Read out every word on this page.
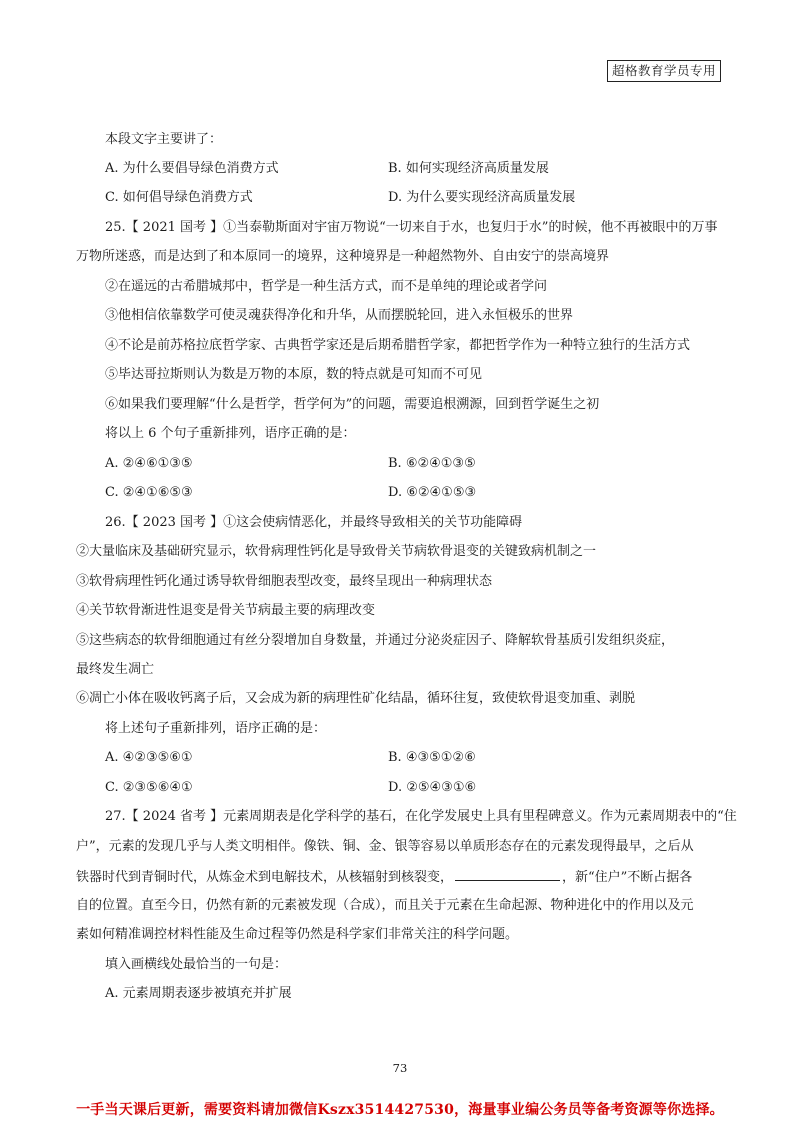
超格教育学员专用
本段文字主要讲了：
A. 为什么要倡导绿色消费方式	B. 如何实现经济高质量发展
C. 如何倡导绿色消费方式	D. 为什么要实现经济高质量发展
25.【 2021 国考 】①当泰勒斯面对宇宙万物说“一切来自于水，也复归于水”的时候，他不再被眼中的万事
万物所迷惑，而是达到了和本原同一的境界，这种境界是一种超然物外、自由安宁的崇高境界
②在遥远的古希腊城邦中，哲学是一种生活方式，而不是单纯的理论或者学问
③他相信依靠数学可使灵魂获得净化和升华，从而摆脱轮回，进入永恒极乐的世界
④不论是前苏格拉底哲学家、古典哲学家还是后期希腊哲学家，都把哲学作为一种特立独行的生活方式
⑤毕达哥拉斯则认为数是万物的本原，数的特点就是可知而不可见
⑥如果我们要理解“什么是哲学，哲学何为”的问题，需要追根溯源，回到哲学诞生之初
将以上 6 个句子重新排列，语序正确的是：
A. ②④⑥①③⑤	B. ⑥②④①③⑤
C. ②④①⑥⑤③	D. ⑥②④①⑤③
26.【 2023 国考 】①这会使病情恶化，并最终导致相关的关节功能障碍
②大量临床及基础研究显示，软骨病理性钙化是导致骨关节病软骨退变的关键致病机制之一
③软骨病理性钙化通过诱导软骨细胞表型改变，最终呈现出一种病理状态
④关节软骨渐进性退变是骨关节病最主要的病理改变
⑤这些病态的软骨细胞通过有丝分裂增加自身数量，并通过分泌炎症因子、降解软骨基质引发组织炎症，
最终发生凋亡
⑥凋亡小体在吸收钙离子后，又会成为新的病理性矿化结晶，循环往复，致使软骨退变加重、剥脱
将上述句子重新排列，语序正确的是：
A. ④②③⑤⑥①	B. ④③⑤①②⑥
C. ②③⑤⑥④①	D. ②⑤④③①⑥
27.【 2024 省考 】元素周期表是化学科学的基石，在化学发展史上具有里程碑意义。作为元素周期表中的“住
户”，元素的发现几乎与人类文明相伴。像铁、铜、金、银等容易以单质形态存在的元素发现得最早，之后从
铁器时代到青铜时代，从炼金术到电解技术，从核辐射到核裂变，	，新“住户”不断占据各
自的位置。直至今日，仍然有新的元素被发现（合成），而且关于元素在生命起源、物种进化中的作用以及元
素如何精准调控材料性能及生命过程等仍然是科学家们非常关注的科学问题。
填入画横线处最恰当的一句是：
A. 元素周期表逐步被填充并扩展
73
一手当天课后更新，需要资料请加微信Kszx3514427530，海量事业编公务员等备考资源等你选择。
